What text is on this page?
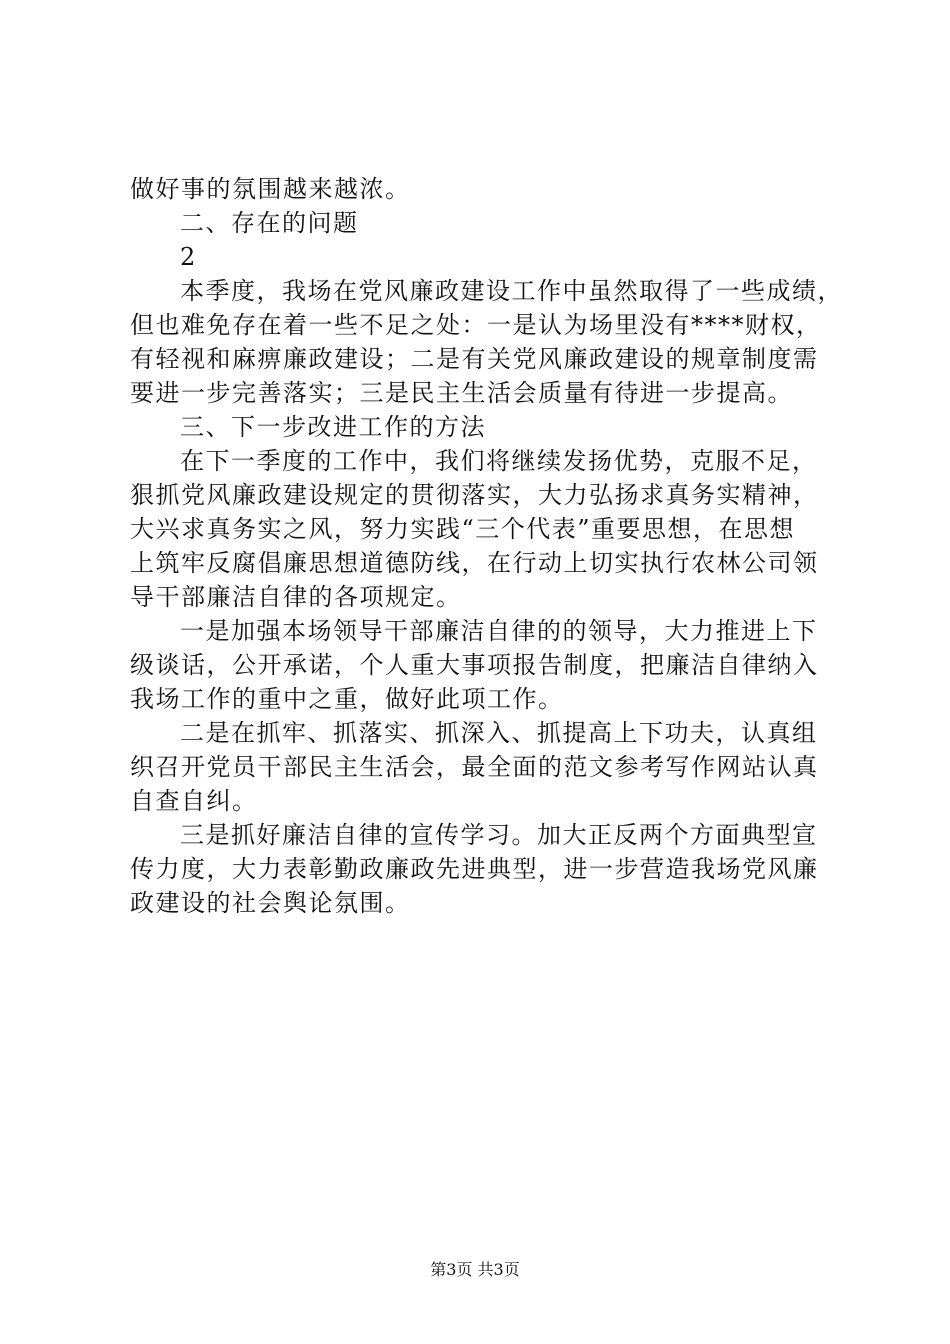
做好事的氛围越来越浓。
二、存在的问题
2
本季度，我场在党风廉政建设工作中虽然取得了一些成绩，
但也难免存在着一些不足之处：一是认为场里没有****财权，
有轻视和麻痹廉政建设；二是有关党风廉政建设的规章制度需
要进一步完善落实；三是民主生活会质量有待进一步提高。
三、下一步改进工作的方法
在下一季度的工作中，我们将继续发扬优势，克服不足，
狠抓党风廉政建设规定的贯彻落实，大力弘扬求真务实精神，
大兴求真务实之风，努力实践“三个代表”重要思想，在思想
上筑牢反腐倡廉思想道德防线，在行动上切实执行农林公司领
导干部廉洁自律的各项规定。
一是加强本场领导干部廉洁自律的的领导，大力推进上下
级谈话，公开承诺，个人重大事项报告制度，把廉洁自律纳入
我场工作的重中之重，做好此项工作。
二是在抓牢、抓落实、抓深入、抓提高上下功夫，认真组
织召开党员干部民主生活会，最全面的范文参考写作网站认真
自查自纠。
三是抓好廉洁自律的宣传学习。加大正反两个方面典型宣
传力度，大力表彰勤政廉政先进典型，进一步营造我场党风廉
政建设的社会舆论氛围。
第3页 共3页
